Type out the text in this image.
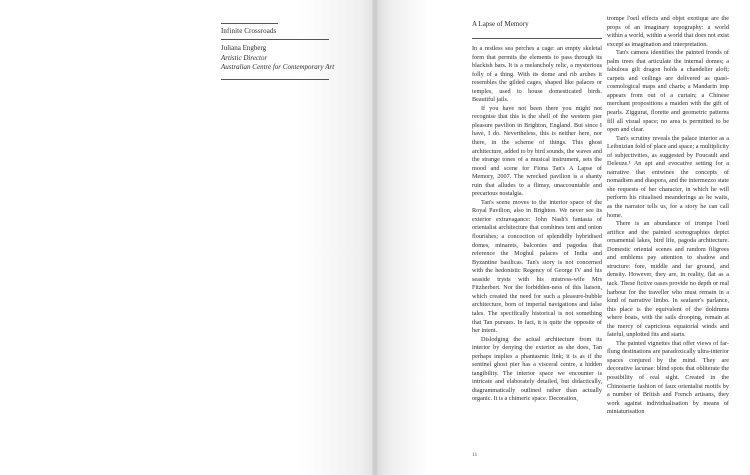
Infinite Crossroads
Juliana Engberg
Artistic Director
Australian Centre for Contemporary Art
A Lapse of Memory

In a restless sea perches a cage: an empty skeletal form that permits the elements to pass through its blackish bars. It is a melancholy relic, a mysterious folly of a thing. With its dome and rib arches it resembles the gilded cages, shaped like palaces or temples, used to house domesticated birds. Beautiful jails.

If you have not been there you might not recognise that this is the shell of the western pier pleasure pavilion in Brighton, England. But since I have, I do. Nevertheless, this is neither here, nor there, in the scheme of things. This ghost architecture, added to by bird sounds, the waves and the strange tones of a musical instrument, sets the mood and scene for Fiona Tan's A Lapse of Memory, 2007. The wrecked pavilion is a shanty ruin that alludes to a flimsy, unaccountable and precarious nostalgia.

Tan's scene moves to the interior space of the Royal Pavilion, also in Brighton. We never see its exterior extravagance: John Nash's fantasia of orientalist architecture that combines tent and onion flourishes; a concoction of splendidly hybridised domes, minarets, balconies and pagodas that reference the Moghul palaces of India and Byzantine basilicas. Tan's story is not concerned with the hedonistic Regency of George IV and his seaside trysts with his mistress-wife Mrs Fitzherbert. Nor the forbidden-ness of this liaison, which created the need for such a pleasure-bubble architecture, born of imperial navigations and false tales. The specifically historical is not something that Tan pursues. In fact, it is quite the opposite of her intent.

Dislodging the actual architecture from its interior by denying the exterior as she does, Tan perhaps implies a phantasmic link; it is as if the sentinel ghost pier has a visceral centre, a hidden tangibility. The interior space we encounter is intricate and elaborately detailed, but didactically, diagrammatically outlined rather than actually organic. It is a chimeric space. Decoration,

trompe l'oeil effects and objet exotique are the props of an imaginary topography: a world within a world, within a world that does not exist except as imagination and interpretation.

Tan's camera identifies the painted fronds of palm trees that articulate the internal domes; a fabulous gilt dragon holds a chandelier aloft; carpets and ceilings are delivered as quasi-cosmological maps and charts; a Mandarin imp appears from out of a curtain; a Chinese merchant propositions a maiden with the gift of pearls. Ziggurat, florette and geometric patterns fill all visual space; no area is permitted to be open and clear.

Tan's scrutiny reveals the palace interior as a Leibnizian fold of place and space; a multiplicity of subjectivities, as suggested by Foucault and Deleuze.¹ An apt and evocative setting for a narrative that entwines the concepts of nomadism and diaspora, and the intermezzo state she requests of her character, in which he will perform his ritualised meanderings as he waits, as the narrator tells us, for a story he can call home.

There is an abundance of trompe l'oeil artifice and the painted scenographies depict ornamental lakes, bird life, pagoda architecture. Domestic oriental scenes and random filigrees and emblems pay attention to shadow and structure: fore, middle and far ground, and density. However, they are, in reality, flat as a tack. These fictive oases provide no depth or real harbour for the traveller who must remain in a kind of narrative limbo. In seafarer's parlance, this place is the equivalent of the doldrums where boats, with the sails drooping, remain at the mercy of capricious equatorial winds and fateful, unplotted fits and starts.

The painted vignettes that offer views of far-flung destinations are paradoxically ultra-interior spaces conjured by the mind. They are decorative lacunae: blind spots that obliterate the possibility of real sight. Created in the Chinoiserie fashion of faux orientalist motifs by a number of British and French artisans, they work against individualisation by means of miniaturisation

11
